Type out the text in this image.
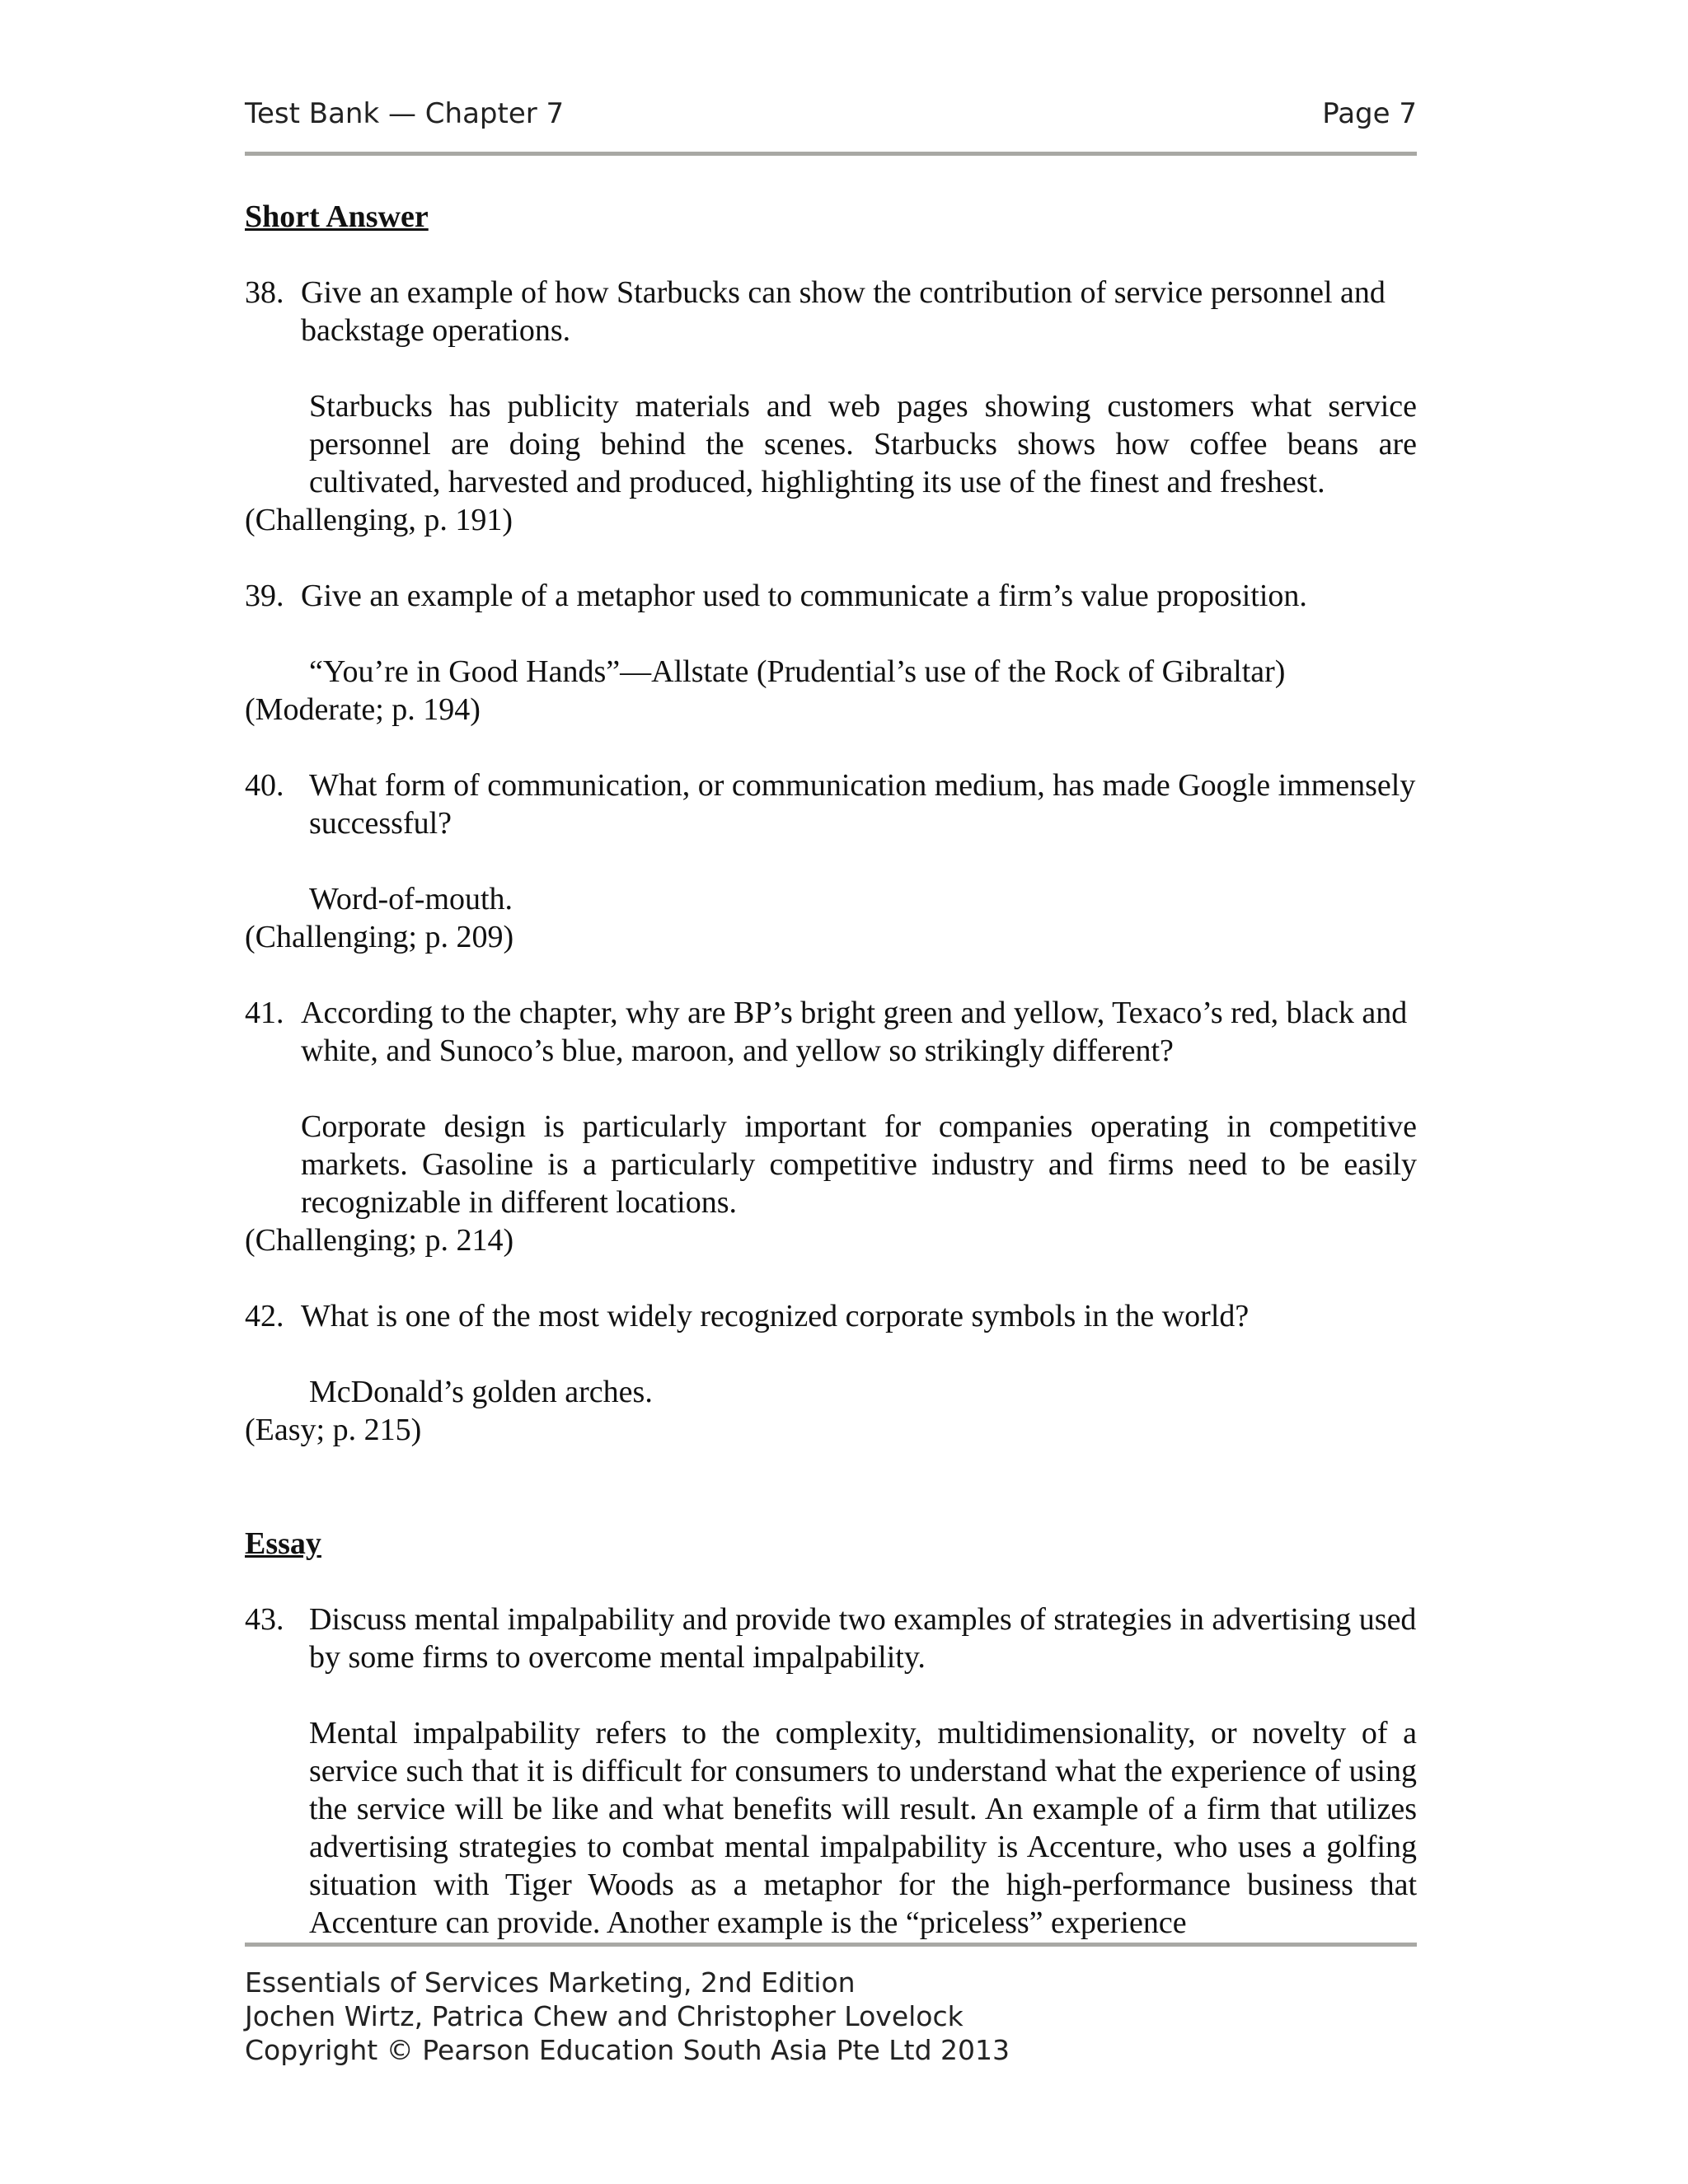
Test Bank — Chapter 7	Page 7

Short Answer

38. Give an example of how Starbucks can show the contribution of service personnel and backstage operations.

Starbucks has publicity materials and web pages showing customers what service personnel are doing behind the scenes. Starbucks shows how coffee beans are cultivated, harvested and produced, highlighting its use of the finest and freshest.

(Challenging, p. 191)

39. Give an example of a metaphor used to communicate a firm’s value proposition.

“You’re in Good Hands”—Allstate (Prudential’s use of the Rock of Gibraltar)

(Moderate; p. 194)

40. What form of communication, or communication medium, has made Google immensely successful?

Word-of-mouth.

(Challenging; p. 209)

41. According to the chapter, why are BP’s bright green and yellow, Texaco’s red, black and white, and Sunoco’s blue, maroon, and yellow so strikingly different?

Corporate design is particularly important for companies operating in competitive markets. Gasoline is a particularly competitive industry and firms need to be easily recognizable in different locations.

(Challenging; p. 214)

42. What is one of the most widely recognized corporate symbols in the world?

McDonald’s golden arches.

(Easy; p. 215)

Essay

43. Discuss mental impalpability and provide two examples of strategies in advertising used by some firms to overcome mental impalpability.

Mental impalpability refers to the complexity, multidimensionality, or novelty of a service such that it is difficult for consumers to understand what the experience of using the service will be like and what benefits will result. An example of a firm that utilizes advertising strategies to combat mental impalpability is Accenture, who uses a golfing situation with Tiger Woods as a metaphor for the high-performance business that Accenture can provide. Another example is the “priceless” experience

Essentials of Services Marketing, 2nd Edition
Jochen Wirtz, Patrica Chew and Christopher Lovelock
Copyright © Pearson Education South Asia Pte Ltd 2013
